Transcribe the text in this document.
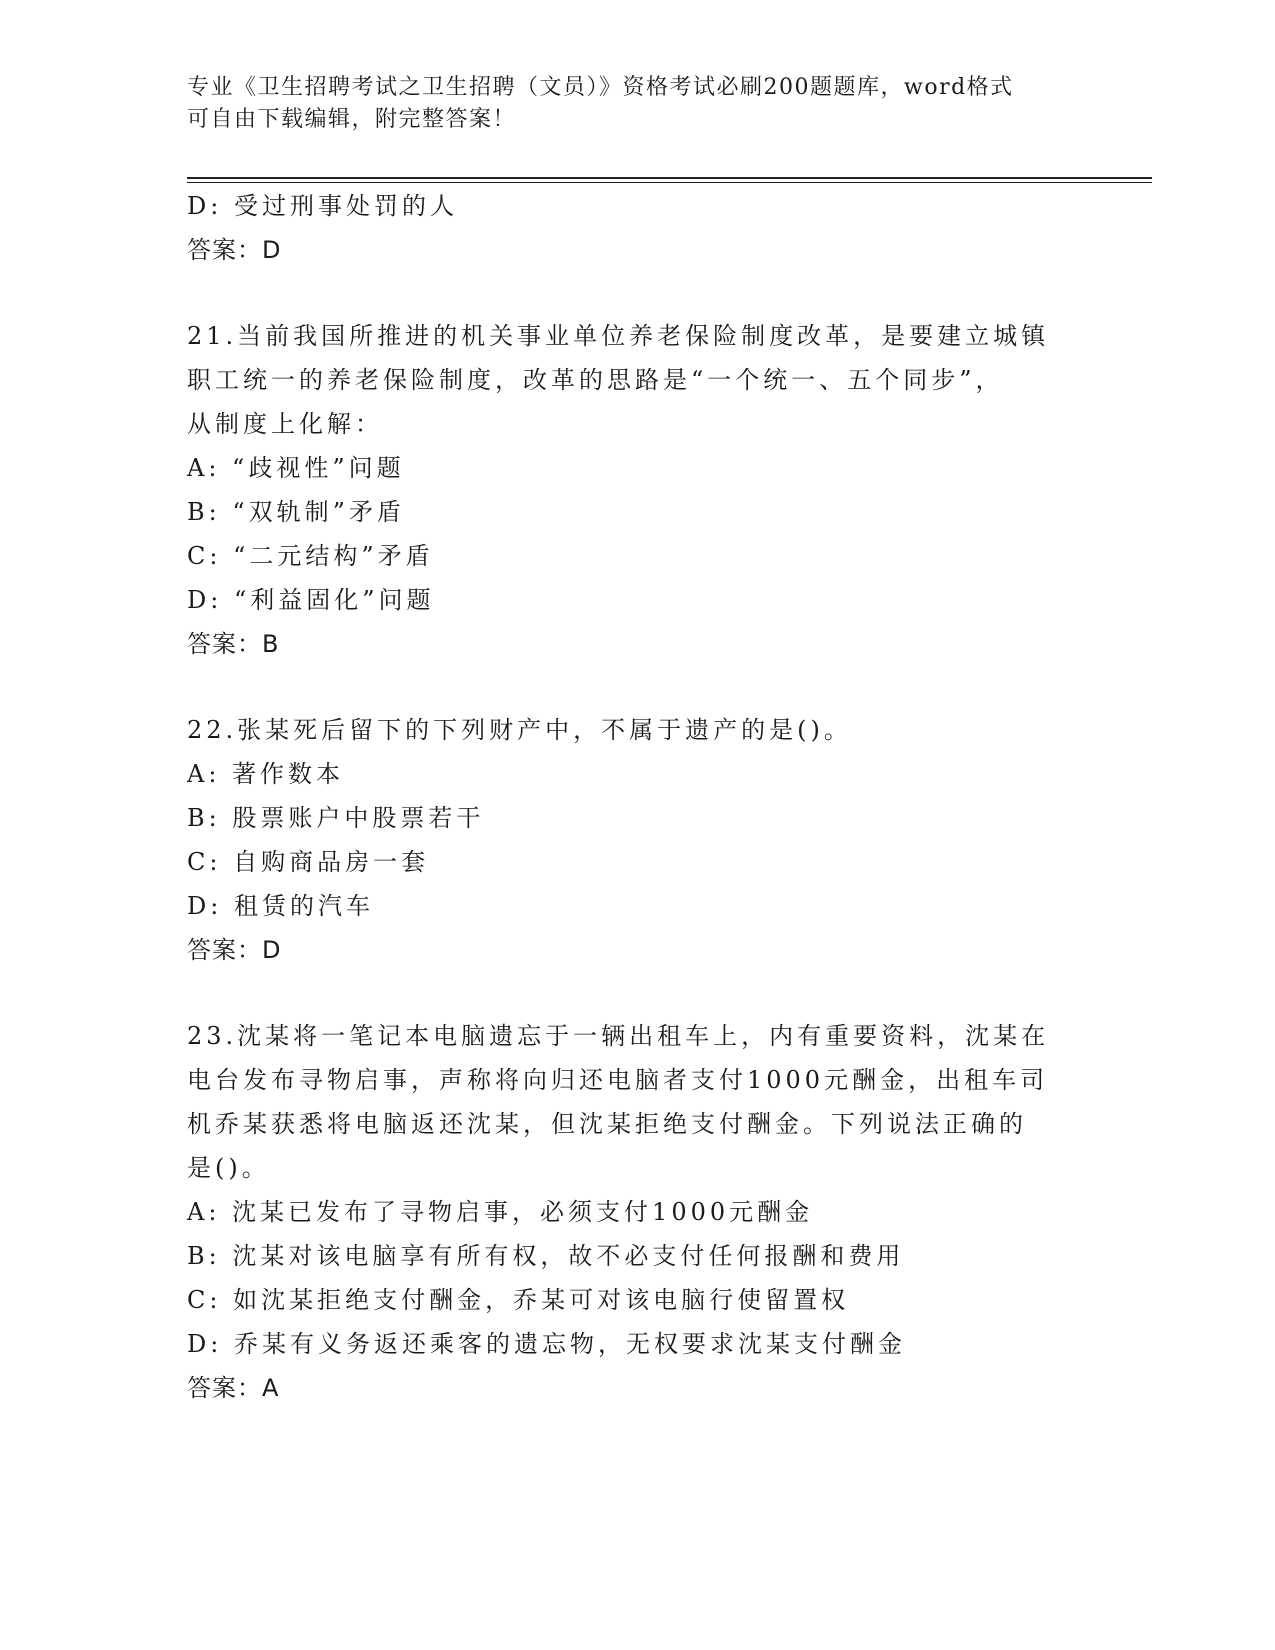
专业《卫生招聘考试之卫生招聘（文员）》资格考试必刷200题题库，word格式
可自由下载编辑，附完整答案！
D: 受过刑事处罚的人
答案：D
21.当前我国所推进的机关事业单位养老保险制度改革，是要建立城镇
职工统一的养老保险制度，改革的思路是“一个统一、五个同步”，
从制度上化解：
A: “歧视性”问题
B: “双轨制”矛盾
C: “二元结构”矛盾
D: “利益固化”问题
答案：B
22.张某死后留下的下列财产中，不属于遗产的是()。
A: 著作数本
B: 股票账户中股票若干
C: 自购商品房一套
D: 租赁的汽车
答案：D
23.沈某将一笔记本电脑遗忘于一辆出租车上，内有重要资料，沈某在
电台发布寻物启事，声称将向归还电脑者支付1000元酬金，出租车司
机乔某获悉将电脑返还沈某，但沈某拒绝支付酬金。下列说法正确的
是()。
A: 沈某已发布了寻物启事，必须支付1000元酬金
B: 沈某对该电脑享有所有权，故不必支付任何报酬和费用
C: 如沈某拒绝支付酬金，乔某可对该电脑行使留置权
D: 乔某有义务返还乘客的遗忘物，无权要求沈某支付酬金
答案：A
